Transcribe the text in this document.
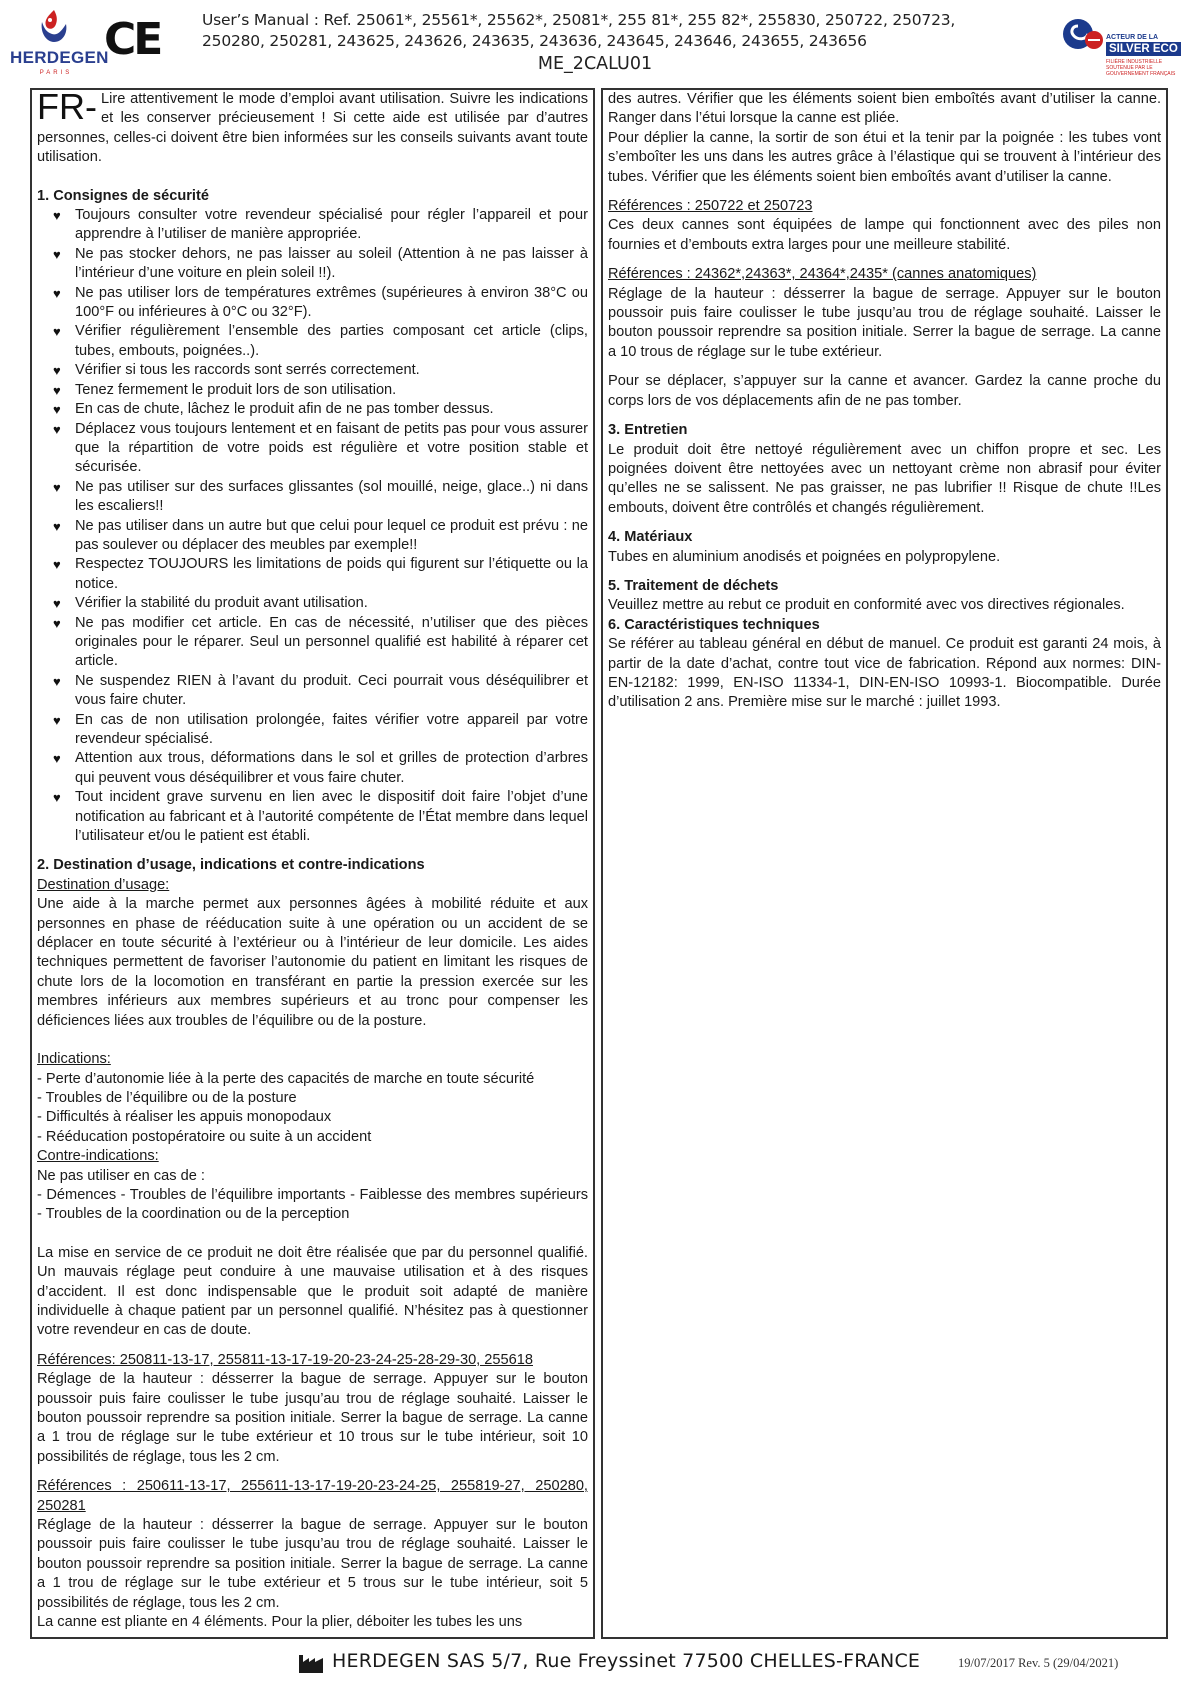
HERDEGEN
PARIS
CE	User’s Manual : Ref. 25061*, 25561*, 25562*, 25081*, 255 81*, 255 82*, 255830, 250722, 250723, 250280, 250281, 243625, 243626, 243635, 243636, 243645, 243646, 243655, 243656
ME_2CALU01
ACTEUR DE LA
SILVER ECO
FILIÈRE INDUSTRIELLE SOUTENUE PAR LE GOUVERNEMENT FRANÇAIS
FR- Lire attentivement le mode d’emploi avant utilisation. Suivre les indications et les conserver précieusement ! Si cette aide est utilisée par d’autres personnes, celles-ci doivent être bien informées sur les conseils suivants avant toute utilisation.

1. Consignes de sécurité

♥ Toujours consulter votre revendeur spécialisé pour régler l’appareil et pour apprendre à l’utiliser de manière appropriée.
♥ Ne pas stocker dehors, ne pas laisser au soleil (Attention à ne pas laisser à l’intérieur d’une voiture en plein soleil !!).
♥ Ne pas utiliser lors de températures extrêmes (supérieures à environ 38°C ou 100°F ou inférieures à 0°C ou 32°F).
♥ Vérifier régulièrement l’ensemble des parties composant cet article (clips, tubes, embouts, poignées..).
♥ Vérifier si tous les raccords sont serrés correctement.
♥ Tenez fermement le produit lors de son utilisation.
♥ En cas de chute, lâchez le produit afin de ne pas tomber dessus.
♥ Déplacez vous toujours lentement et en faisant de petits pas pour vous assurer que la répartition de votre poids est régulière et votre position stable et sécurisée.
♥ Ne pas utiliser sur des surfaces glissantes (sol mouillé, neige, glace..) ni dans les escaliers!!
♥ Ne pas utiliser dans un autre but que celui pour lequel ce produit est prévu : ne pas soulever ou déplacer des meubles par exemple!!
♥ Respectez TOUJOURS les limitations de poids qui figurent sur l’étiquette ou la notice.
♥ Vérifier la stabilité du produit avant utilisation.
♥ Ne pas modifier cet article. En cas de nécessité, n’utiliser que des pièces originales pour le réparer. Seul un personnel qualifié est habilité à réparer cet article.
♥ Ne suspendez RIEN à l’avant du produit. Ceci pourrait vous déséquilibrer et vous faire chuter.
♥ En cas de non utilisation prolongée, faites vérifier votre appareil par votre revendeur spécialisé.
♥ Attention aux trous, déformations dans le sol et grilles de protection d’arbres qui peuvent vous déséquilibrer et vous faire chuter.
♥ Tout incident grave survenu en lien avec le dispositif doit faire l’objet d’une notification au fabricant et à l’autorité compétente de l’État membre dans lequel l’utilisateur et/ou le patient est établi.

2. Destination d’usage, indications et contre-indications

Destination d’usage:

Une aide à la marche permet aux personnes âgées à mobilité réduite et aux personnes en phase de rééducation suite à une opération ou un accident de se déplacer en toute sécurité à l’extérieur ou à l’intérieur de leur domicile. Les aides techniques permettent de favoriser l’autonomie du patient en limitant les risques de chute lors de la locomotion en transférant en partie la pression exercée sur les membres inférieurs aux membres supérieurs et au tronc pour compenser les déficiences liées aux troubles de l’équilibre ou de la posture.

Indications:

- Perte d’autonomie liée à la perte des capacités de marche en toute sécurité

- Troubles de l’équilibre ou de la posture

- Difficultés à réaliser les appuis monopodaux

- Rééducation postopératoire ou suite à un accident

Contre-indications:

Ne pas utiliser en cas de :

- Démences - Troubles de l’équilibre importants - Faiblesse des membres supérieurs - Troubles de la coordination ou de la perception

La mise en service de ce produit ne doit être réalisée que par du personnel qualifié. Un mauvais réglage peut conduire à une mauvaise utilisation et à des risques d’accident. Il est donc indispensable que le produit soit adapté de manière individuelle à chaque patient par un personnel qualifié. N’hésitez pas à questionner votre revendeur en cas de doute.

Références: 250811-13-17, 255811-13-17-19-20-23-24-25-28-29-30, 255618

Réglage de la hauteur : désserrer la bague de serrage. Appuyer sur le bouton poussoir puis faire coulisser le tube jusqu’au trou de réglage souhaité. Laisser le bouton poussoir reprendre sa position initiale. Serrer la bague de serrage. La canne a 1 trou de réglage sur le tube extérieur et 10 trous sur le tube intérieur, soit 10 possibilités de réglage, tous les 2 cm.

Références : 250611-13-17, 255611-13-17-19-20-23-24-25, 255819-27, 250280, 250281

Réglage de la hauteur : désserrer la bague de serrage. Appuyer sur le bouton poussoir puis faire coulisser le tube jusqu’au trou de réglage souhaité. Laisser le bouton poussoir reprendre sa position initiale. Serrer la bague de serrage. La canne a 1 trou de réglage sur le tube extérieur et 5 trous sur le tube intérieur, soit 5 possibilités de réglage, tous les 2 cm.

La canne est pliante en 4 éléments. Pour la plier, déboiter les tubes les uns

des autres. Vérifier que les éléments soient bien emboîtés avant d’utiliser la canne. Ranger dans l’étui lorsque la canne est pliée.

Pour déplier la canne, la sortir de son étui et la tenir par la poignée : les tubes vont s’emboîter les uns dans les autres grâce à l’élastique qui se trouvent à l’intérieur des tubes. Vérifier que les éléments soient bien emboîtés avant d’utiliser la canne.

Références : 250722 et 250723

Ces deux cannes sont équipées de lampe qui fonctionnent avec des piles non fournies et d’embouts extra larges pour une meilleure stabilité.

Références : 24362*,24363*, 24364*,2435* (cannes anatomiques)

Réglage de la hauteur : désserrer la bague de serrage. Appuyer sur le bouton poussoir puis faire coulisser le tube jusqu’au trou de réglage souhaité. Laisser le bouton poussoir reprendre sa position initiale. Serrer la bague de serrage. La canne a 10 trous de réglage sur le tube extérieur.

Pour se déplacer, s’appuyer sur la canne et avancer. Gardez la canne proche du corps lors de vos déplacements afin de ne pas tomber.

3. Entretien

Le produit doit être nettoyé régulièrement avec un chiffon propre et sec. Les poignées doivent être nettoyées avec un nettoyant crème non abrasif pour éviter qu’elles ne se salissent. Ne pas graisser, ne pas lubrifier !! Risque de chute !!Les embouts, doivent être contrôlés et changés régulièrement.

4. Matériaux

Tubes en aluminium anodisés et poignées en polypropylene.

5. Traitement de déchets

Veuillez mettre au rebut ce produit en conformité avec vos directives régionales.

6. Caractéristiques techniques

Se référer au tableau général en début de manuel. Ce produit est garanti 24 mois, à partir de la date d’achat, contre tout vice de fabrication. Répond aux normes: DIN-EN-12182: 1999, EN-ISO 11334-1, DIN-EN-ISO 10993-1. Biocompatible. Durée d’utilisation 2 ans. Première mise sur le marché : juillet 1993.

HERDEGEN SAS 5/7, Rue Freyssinet 77500 CHELLES-FRANCE	19/07/2017 Rev. 5 (29/04/2021)
